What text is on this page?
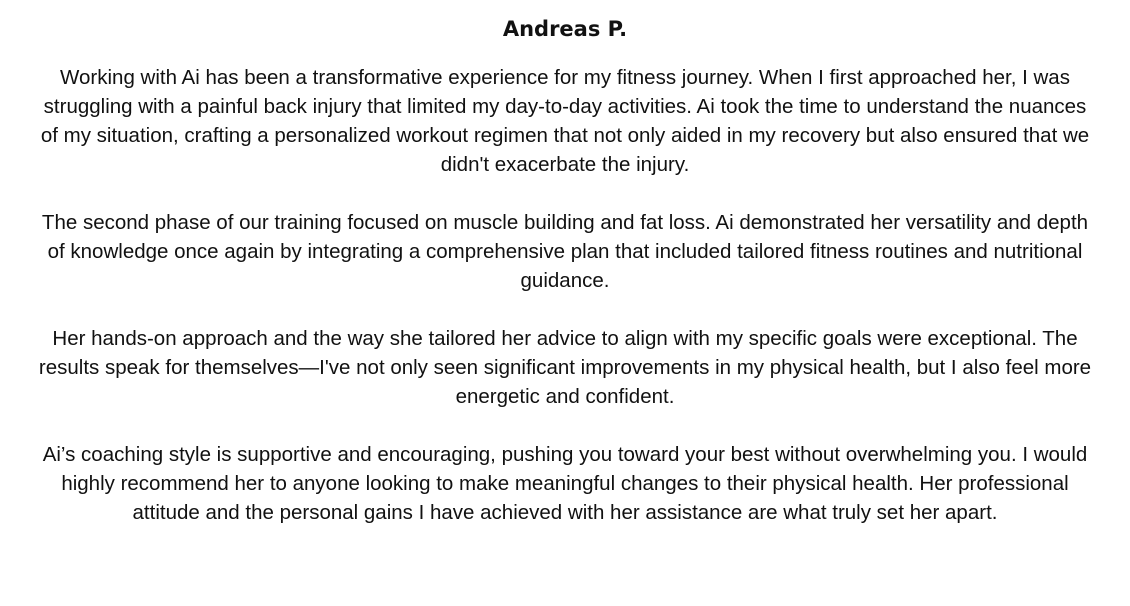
Andreas P.

Working with Ai has been a transformative experience for my fitness journey. When I first approached her, I was struggling with a painful back injury that limited my day-to-day activities. Ai took the time to understand the nuances of my situation, crafting a personalized workout regimen that not only aided in my recovery but also ensured that we didn't exacerbate the injury.

The second phase of our training focused on muscle building and fat loss. Ai demonstrated her versatility and depth of knowledge once again by integrating a comprehensive plan that included tailored fitness routines and nutritional guidance.

Her hands-on approach and the way she tailored her advice to align with my specific goals were exceptional. The results speak for themselves—I've not only seen significant improvements in my physical health, but I also feel more energetic and confident.

Ai’s coaching style is supportive and encouraging, pushing you toward your best without overwhelming you. I would highly recommend her to anyone looking to make meaningful changes to their physical health. Her professional attitude and the personal gains I have achieved with her assistance are what truly set her apart.
